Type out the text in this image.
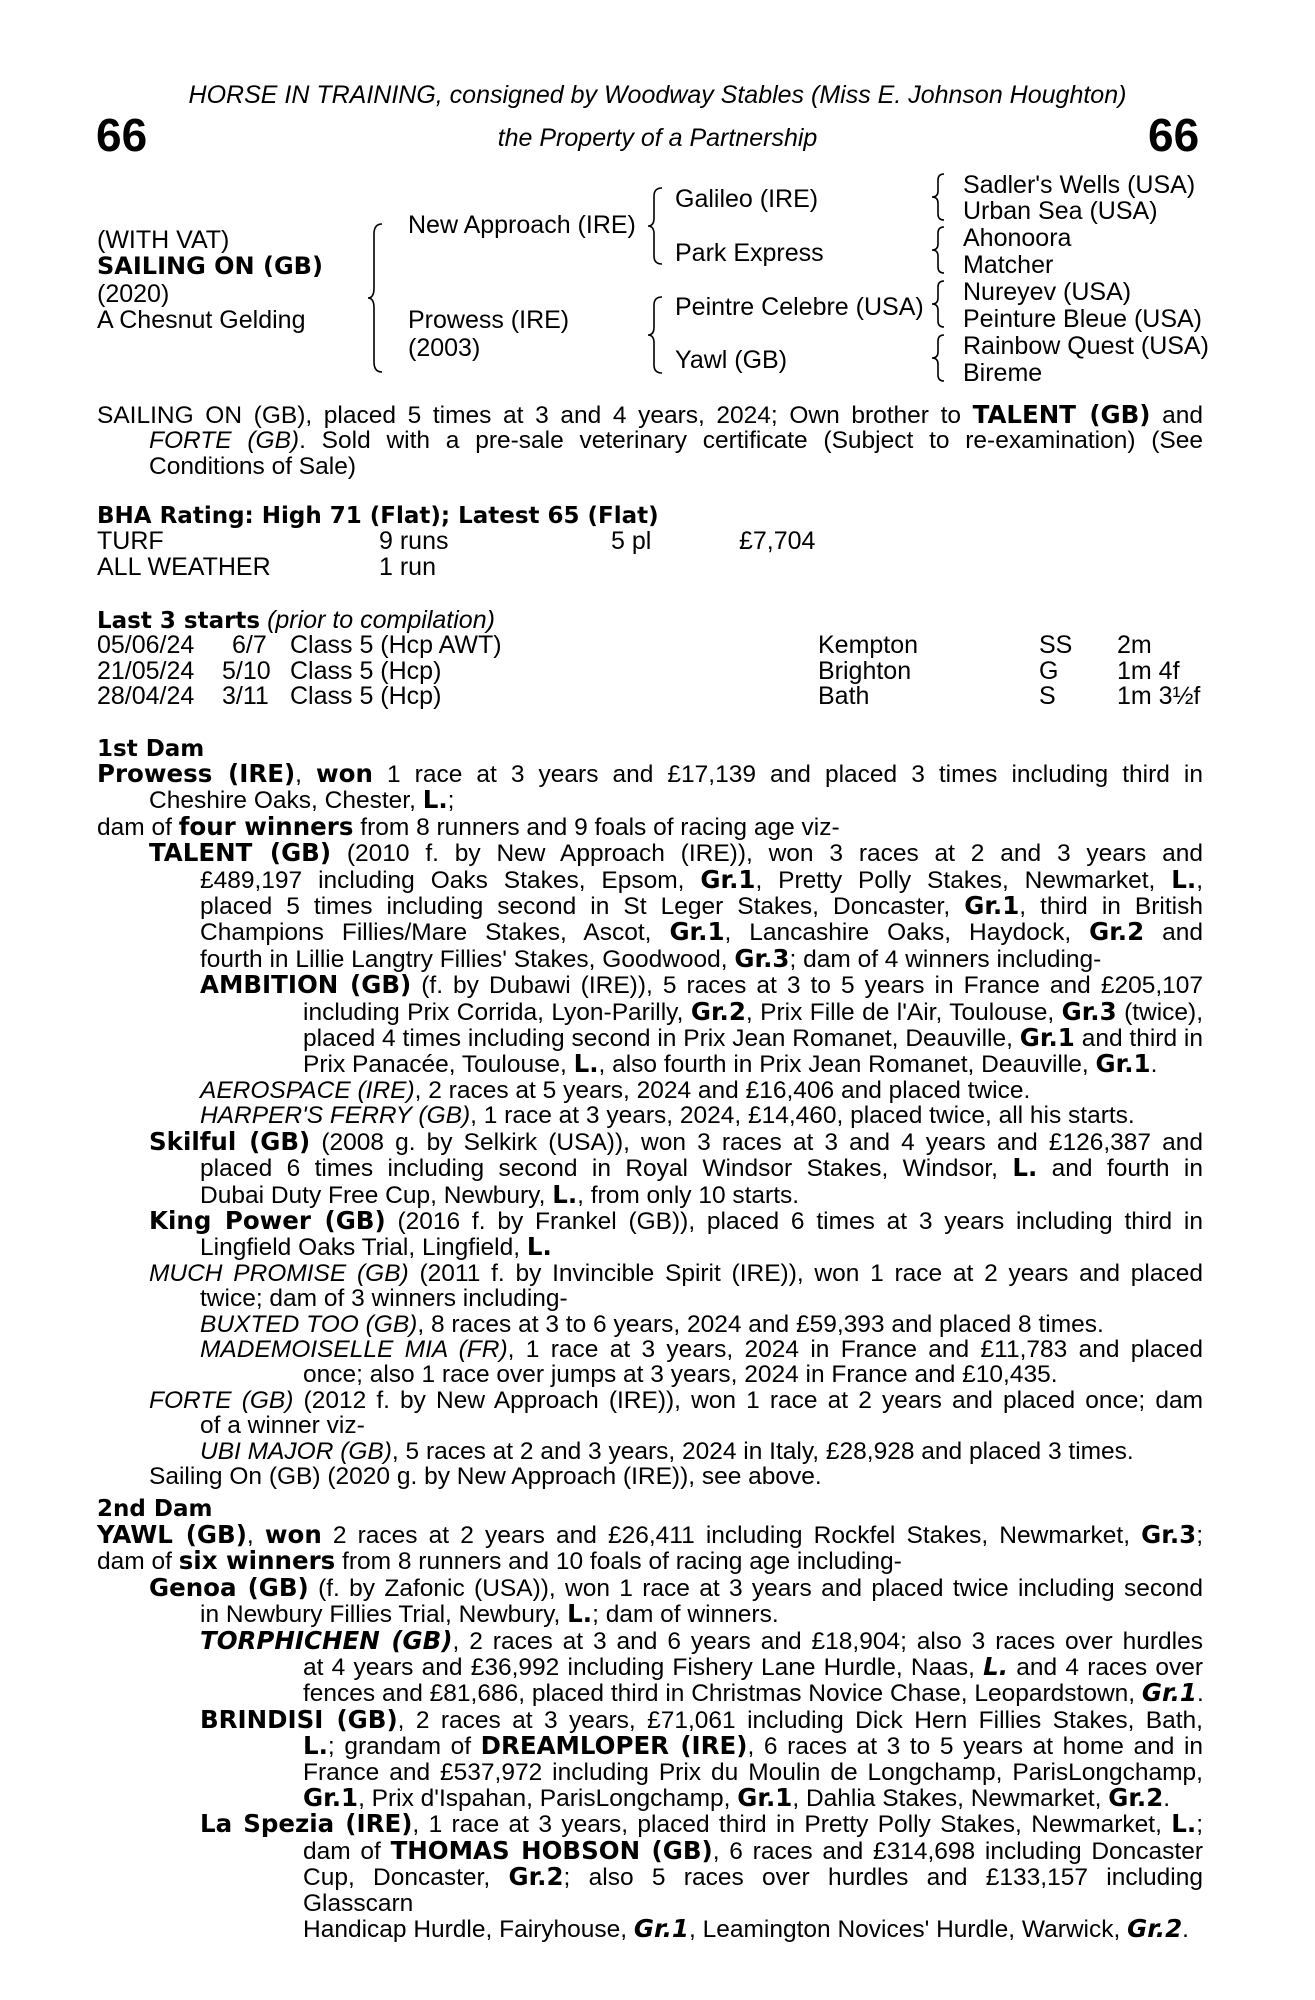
HORSE IN TRAINING, consigned by Woodway Stables (Miss E. Johnson Houghton)
66	the Property of a Partnership	66
(WITH VAT)
SAILING ON (GB)
(2020)
A Chesnut Gelding
New Approach (IRE)
Prowess (IRE)
(2003)
Galileo (IRE)
Park Express
Peintre Celebre (USA)
Yawl (GB)
Sadler's Wells (USA)
Urban Sea (USA)
Ahonoora
Matcher
Nureyev (USA)
Peinture Bleue (USA)
Rainbow Quest (USA)
Bireme
SAILING ON (GB), placed 5 times at 3 and 4 years, 2024; Own brother to TALENT (GB) and
FORTE (GB). Sold with a pre-sale veterinary certificate (Subject to re-examination) (See
Conditions of Sale)
BHA Rating: High 71 (Flat); Latest 65 (Flat)
TURF	9 runs	5 pl	£7,704
ALL WEATHER	1 run
Last 3 starts (prior to compilation)
05/06/24 6/7 Class 5 (Hcp AWT)	Kempton	SS 2m
21/05/24 5/10 Class 5 (Hcp)	Brighton	G 1m 4f
28/04/24 3/11 Class 5 (Hcp)	Bath	S 1m 3½f
1st Dam
Prowess (IRE), won 1 race at 3 years and £17,139 and placed 3 times including third in
Cheshire Oaks, Chester, L.;
dam of four winners from 8 runners and 9 foals of racing age viz-
TALENT (GB) (2010 f. by New Approach (IRE)), won 3 races at 2 and 3 years and
£489,197 including Oaks Stakes, Epsom, Gr.1, Pretty Polly Stakes, Newmarket, L.,
placed 5 times including second in St Leger Stakes, Doncaster, Gr.1, third in British
Champions Fillies/Mare Stakes, Ascot, Gr.1, Lancashire Oaks, Haydock, Gr.2 and
fourth in Lillie Langtry Fillies' Stakes, Goodwood, Gr.3; dam of 4 winners including-
AMBITION (GB) (f. by Dubawi (IRE)), 5 races at 3 to 5 years in France and £205,107
including Prix Corrida, Lyon-Parilly, Gr.2, Prix Fille de l'Air, Toulouse, Gr.3 (twice),
placed 4 times including second in Prix Jean Romanet, Deauville, Gr.1 and third in
Prix Panacée, Toulouse, L., also fourth in Prix Jean Romanet, Deauville, Gr.1.
AEROSPACE (IRE), 2 races at 5 years, 2024 and £16,406 and placed twice.
HARPER'S FERRY (GB), 1 race at 3 years, 2024, £14,460, placed twice, all his starts.
Skilful (GB) (2008 g. by Selkirk (USA)), won 3 races at 3 and 4 years and £126,387 and
placed 6 times including second in Royal Windsor Stakes, Windsor, L. and fourth in
Dubai Duty Free Cup, Newbury, L., from only 10 starts.
King Power (GB) (2016 f. by Frankel (GB)), placed 6 times at 3 years including third in
Lingfield Oaks Trial, Lingfield, L.
MUCH PROMISE (GB) (2011 f. by Invincible Spirit (IRE)), won 1 race at 2 years and placed
twice; dam of 3 winners including-
BUXTED TOO (GB), 8 races at 3 to 6 years, 2024 and £59,393 and placed 8 times.
MADEMOISELLE MIA (FR), 1 race at 3 years, 2024 in France and £11,783 and placed
once; also 1 race over jumps at 3 years, 2024 in France and £10,435.
FORTE (GB) (2012 f. by New Approach (IRE)), won 1 race at 2 years and placed once; dam
of a winner viz-
UBI MAJOR (GB), 5 races at 2 and 3 years, 2024 in Italy, £28,928 and placed 3 times.
Sailing On (GB) (2020 g. by New Approach (IRE)), see above.
2nd Dam
YAWL (GB), won 2 races at 2 years and £26,411 including Rockfel Stakes, Newmarket, Gr.3;
dam of six winners from 8 runners and 10 foals of racing age including-
Genoa (GB) (f. by Zafonic (USA)), won 1 race at 3 years and placed twice including second
in Newbury Fillies Trial, Newbury, L.; dam of winners.
TORPHICHEN (GB), 2 races at 3 and 6 years and £18,904; also 3 races over hurdles
at 4 years and £36,992 including Fishery Lane Hurdle, Naas, L. and 4 races over
fences and £81,686, placed third in Christmas Novice Chase, Leopardstown, Gr.1.
BRINDISI (GB), 2 races at 3 years, £71,061 including Dick Hern Fillies Stakes, Bath,
L.; grandam of DREAMLOPER (IRE), 6 races at 3 to 5 years at home and in
France and £537,972 including Prix du Moulin de Longchamp, ParisLongchamp,
Gr.1, Prix d'Ispahan, ParisLongchamp, Gr.1, Dahlia Stakes, Newmarket, Gr.2.
La Spezia (IRE), 1 race at 3 years, placed third in Pretty Polly Stakes, Newmarket, L.;
dam of THOMAS HOBSON (GB), 6 races and £314,698 including Doncaster
Cup, Doncaster, Gr.2; also 5 races over hurdles and £133,157 including Glasscarn
Handicap Hurdle, Fairyhouse, Gr.1, Leamington Novices' Hurdle, Warwick, Gr.2.
